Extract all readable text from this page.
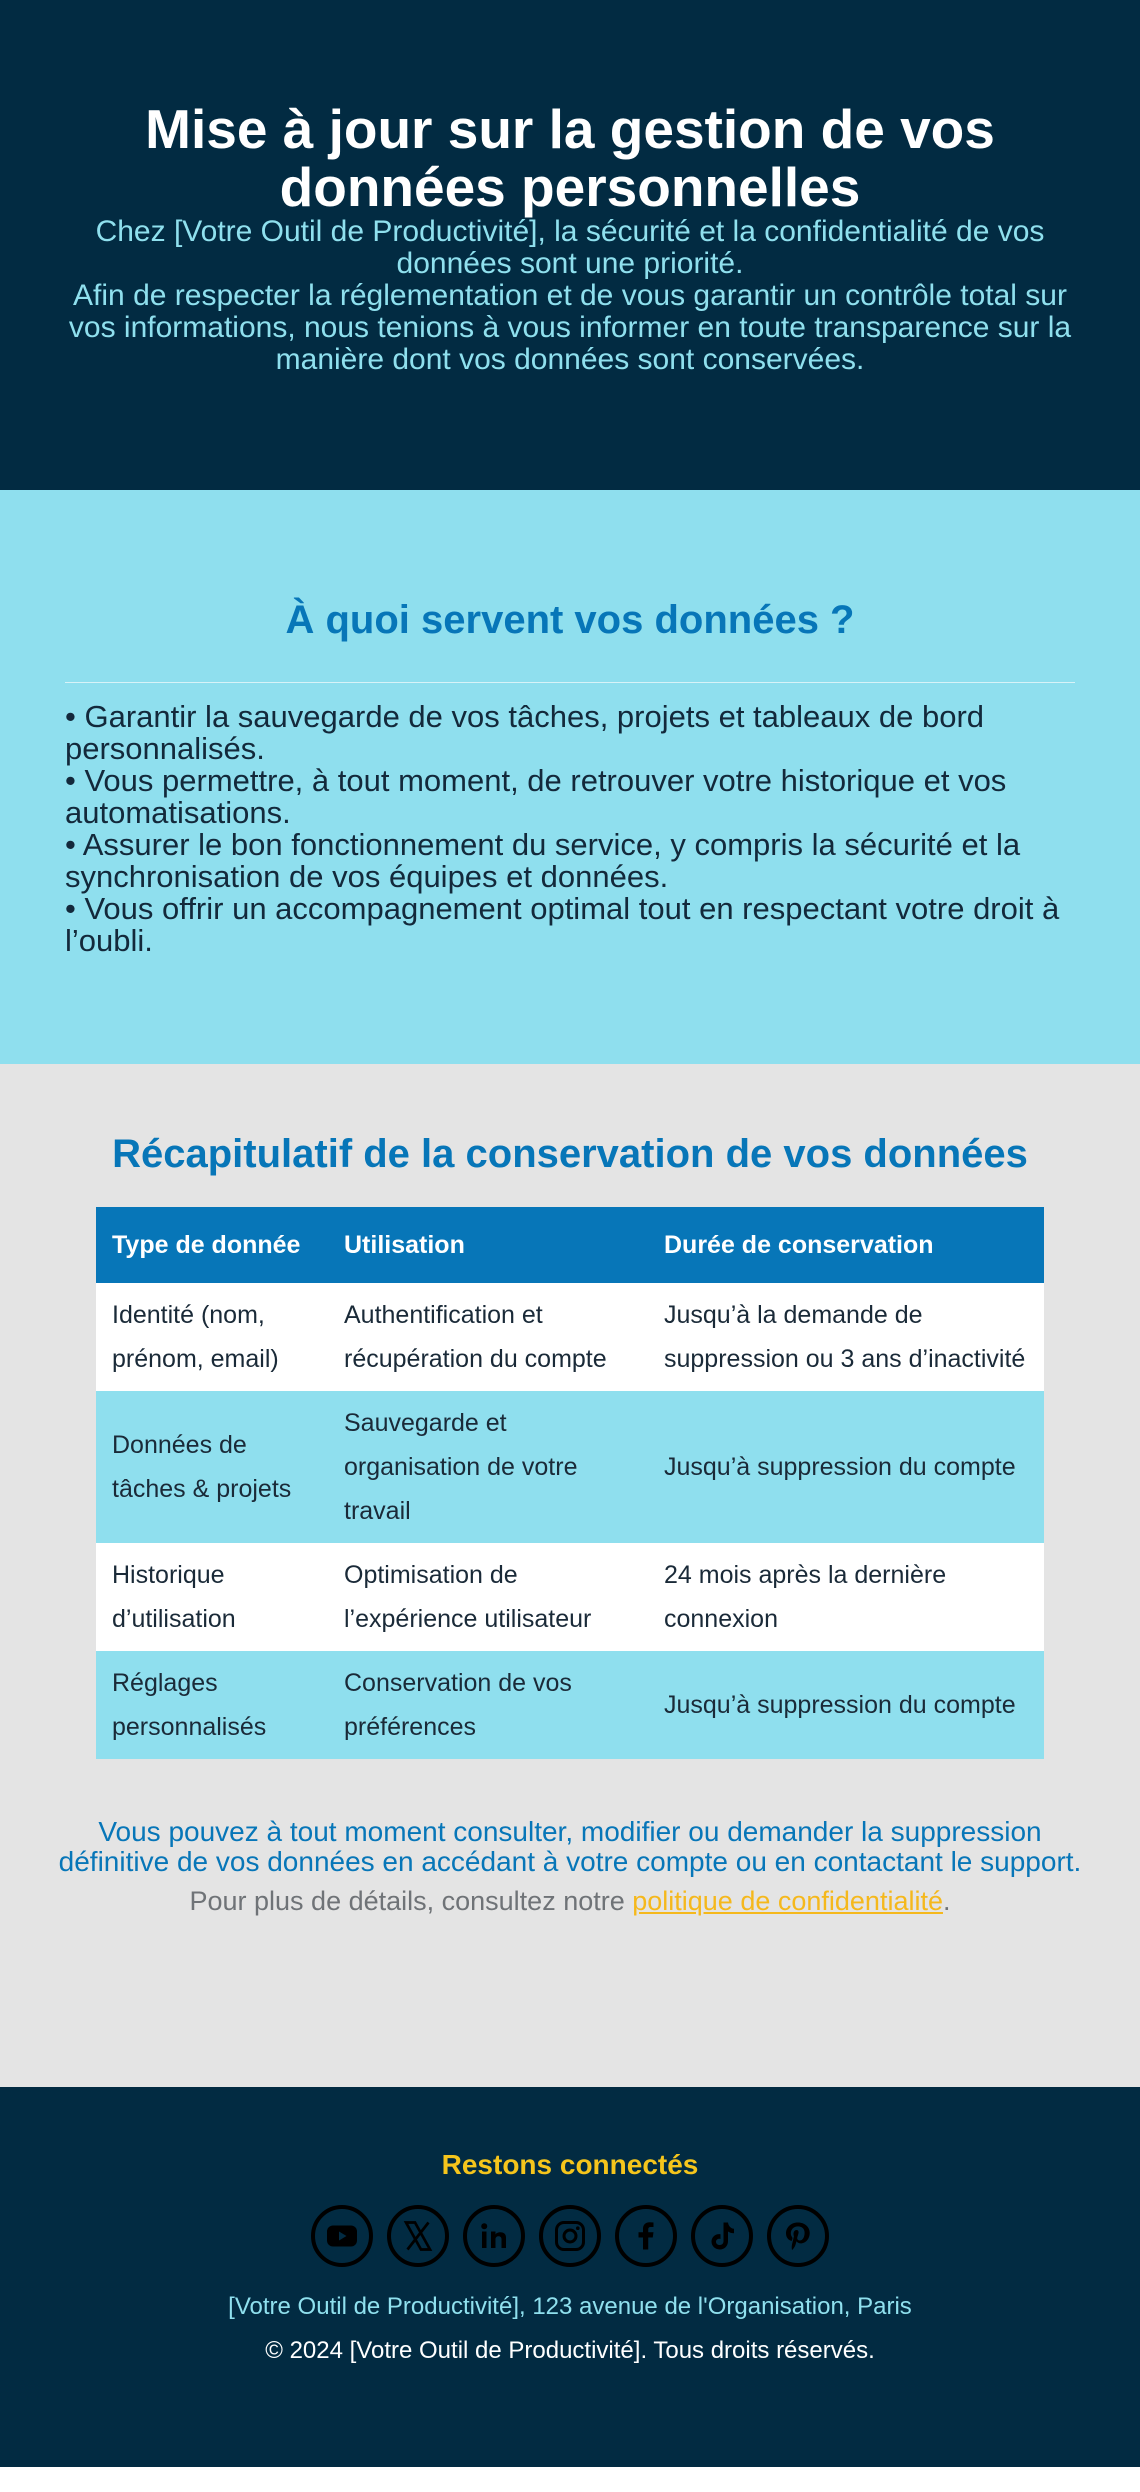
Mise à jour sur la gestion de vos données personnelles

Chez [Votre Outil de Productivité], la sécurité et la confidentialité de vos données sont une priorité.

Afin de respecter la réglementation et de vous garantir un contrôle total sur vos informations, nous tenions à vous informer en toute transparence sur la manière dont vos données sont conservées.

À quoi servent vos données ?

• Garantir la sauvegarde de vos tâches, projets et tableaux de bord personnalisés.

• Vous permettre, à tout moment, de retrouver votre historique et vos automatisations.

• Assurer le bon fonctionnement du service, y compris la sécurité et la synchronisation de vos équipes et données.

• Vous offrir un accompagnement optimal tout en respectant votre droit à l’oubli.

Récapitulatif de la conservation de vos données
Type de donnée	Utilisation	Durée de conservation
Identité (nom, prénom, email)	Authentification et récupération du compte	Jusqu’à la demande de suppression ou 3 ans d’inactivité
Données de tâches & projets	Sauvegarde et organisation de votre travail	Jusqu’à suppression du compte
Historique d’utilisation	Optimisation de l’expérience utilisateur	24 mois après la dernière connexion
Réglages personnalisés	Conservation de vos préférences	Jusqu’à suppression du compte

Vous pouvez à tout moment consulter, modifier ou demander la suppression définitive de vos données en accédant à votre compte ou en contactant le support.

Pour plus de détails, consultez notre politique de confidentialité.

Restons connectés

[Votre Outil de Productivité], 123 avenue de l'Organisation, Paris

© 2024 [Votre Outil de Productivité]. Tous droits réservés.
